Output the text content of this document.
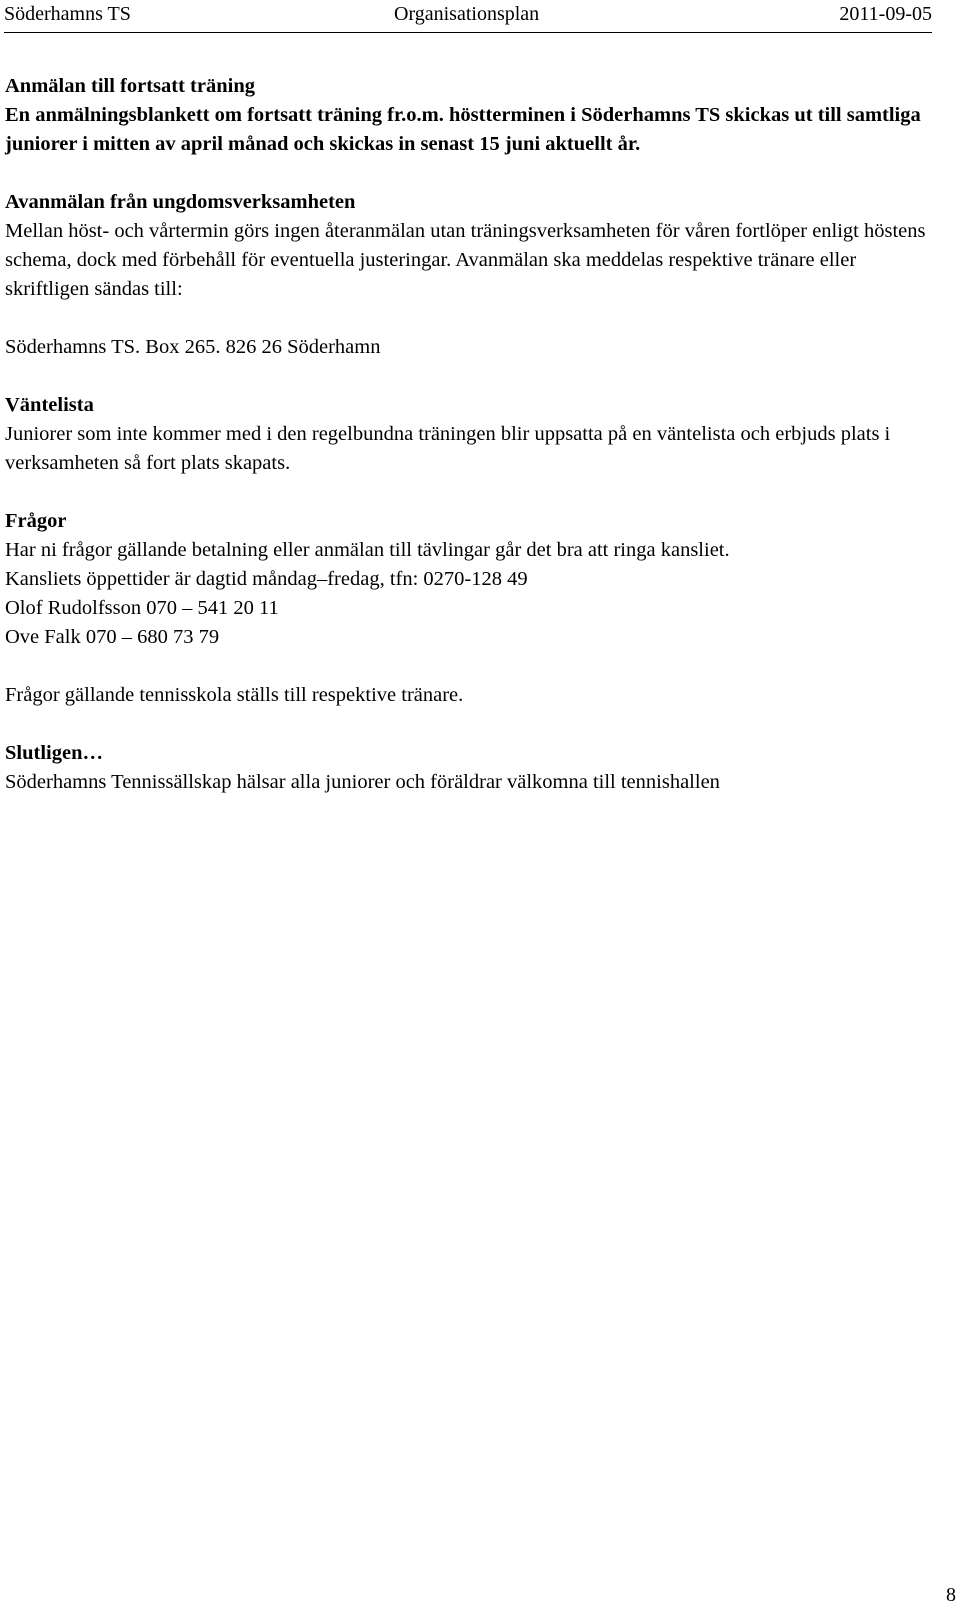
Söderhamns TS	Organisationsplan	2011-09-05

Anmälan till fortsatt träning

En anmälningsblankett om fortsatt träning fr.o.m. höstterminen i Söderhamns TS skickas ut till samtliga juniorer i mitten av april månad och skickas in senast 15 juni aktuellt år.

Avanmälan från ungdomsverksamheten

Mellan höst- och vårtermin görs ingen återanmälan utan träningsverksamheten för våren fortlöper enligt höstens schema, dock med förbehåll för eventuella justeringar. Avanmälan ska meddelas respektive tränare eller skriftligen sändas till:

Söderhamns TS. Box 265. 826 26 Söderhamn

Väntelista

Juniorer som inte kommer med i den regelbundna träningen blir uppsatta på en väntelista och erbjuds plats i verksamheten så fort plats skapats.

Frågor

Har ni frågor gällande betalning eller anmälan till tävlingar går det bra att ringa kansliet.

Kansliets öppettider är dagtid måndag–fredag, tfn: 0270-128 49

Olof Rudolfsson 070 – 541 20 11

Ove Falk 070 – 680 73 79

Frågor gällande tennisskola ställs till respektive tränare.

Slutligen…

Söderhamns Tennissällskap hälsar alla juniorer och föräldrar välkomna till tennishallen

8
